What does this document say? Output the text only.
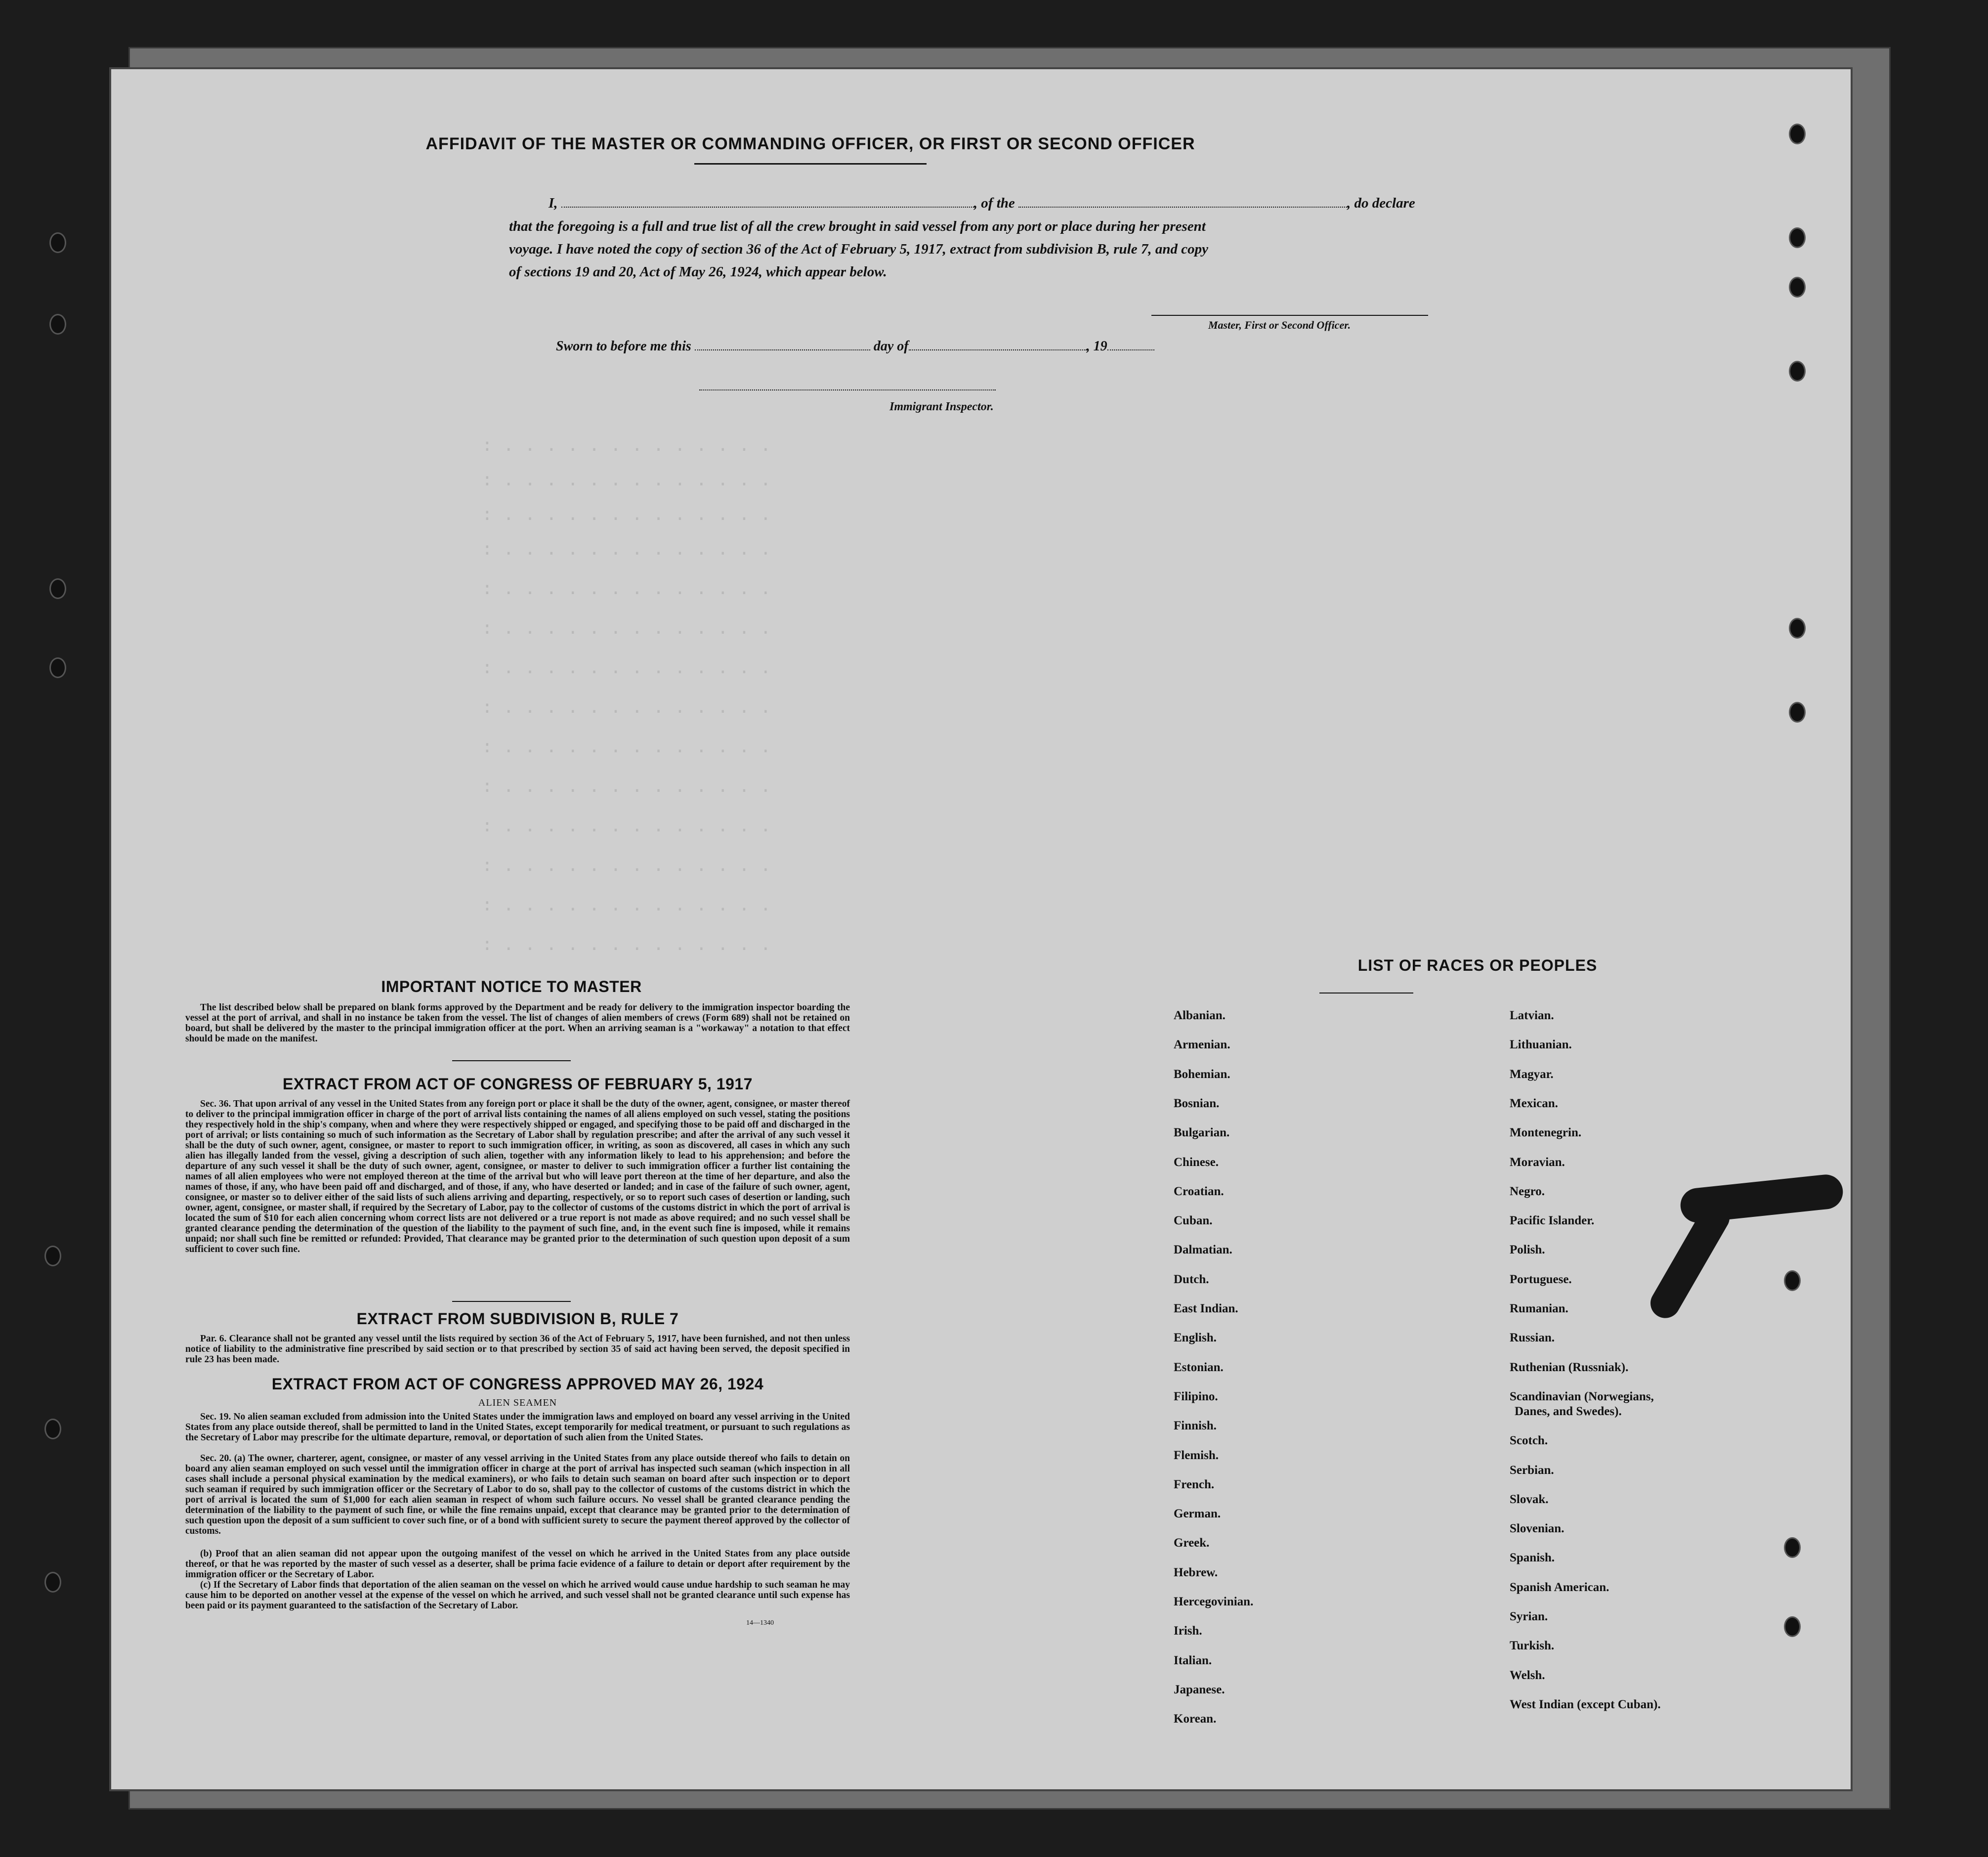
: . . . . . . . . . . . . .
: . . . . . . . . . . . . .
: . . . . . . . . . . . . .
: . . . . . . . . . . . . .
: . . . . . . . . . . . . .
: . . . . . . . . . . . . .
: . . . . . . . . . . . . .
: . . . . . . . . . . . . .
: . . . . . . . . . . . . .
: . . . . . . . . . . . . .
: . . . . . . . . . . . . .
: . . . . . . . . . . . . .
: . . . . . . . . . . . . .
: . . . . . . . . . . . . .
AFFIDAVIT OF THE MASTER OR COMMANDING OFFICER, OR FIRST OR SECOND OFFICER
I,	, of the	, do declare
that the foregoing is a full and true list of all the crew brought in said vessel from any port or place during her present
voyage. I have noted the copy of section 36 of the Act of February 5, 1917, extract from subdivision B, rule 7, and copy
of sections 19 and 20, Act of May 26, 1924, which appear below.
Master, First or Second Officer.
Sworn to before me this	day of	, 19
Immigrant Inspector.
IMPORTANT NOTICE TO MASTER
The list described below shall be prepared on blank forms approved by the Department and be ready for delivery to the immigration inspector boarding the vessel at the port of arrival, and shall in no instance be taken from the vessel. The list of changes of alien members of crews (Form 689) shall not be retained on board, but shall be delivered by the master to the principal immigration officer at the port. When an arriving seaman is a "workaway" a notation to that effect should be made on the manifest.
EXTRACT FROM ACT OF CONGRESS OF FEBRUARY 5, 1917
Sec. 36. That upon arrival of any vessel in the United States from any foreign port or place it shall be the duty of the owner, agent, consignee, or master thereof to deliver to the principal immigration officer in charge of the port of arrival lists containing the names of all aliens employed on such vessel, stating the positions they respectively hold in the ship's company, when and where they were respectively shipped or engaged, and specifying those to be paid off and discharged in the port of arrival; or lists containing so much of such information as the Secretary of Labor shall by regulation prescribe; and after the arrival of any such vessel it shall be the duty of such owner, agent, consignee, or master to report to such immigration officer, in writing, as soon as discovered, all cases in which any such alien has illegally landed from the vessel, giving a description of such alien, together with any information likely to lead to his apprehension; and before the departure of any such vessel it shall be the duty of such owner, agent, consignee, or master to deliver to such immigration officer a further list containing the names of all alien employees who were not employed thereon at the time of the arrival but who will leave port thereon at the time of her departure, and also the names of those, if any, who have been paid off and discharged, and of those, if any, who have deserted or landed; and in case of the failure of such owner, agent, consignee, or master so to deliver either of the said lists of such aliens arriving and departing, respectively, or so to report such cases of desertion or landing, such owner, agent, consignee, or master shall, if required by the Secretary of Labor, pay to the collector of customs of the customs district in which the port of arrival is located the sum of $10 for each alien concerning whom correct lists are not delivered or a true report is not made as above required; and no such vessel shall be granted clearance pending the determination of the question of the liability to the payment of such fine, and, in the event such fine is imposed, while it remains unpaid; nor shall such fine be remitted or refunded: Provided, That clearance may be granted prior to the determination of such question upon deposit of a sum sufficient to cover such fine.
EXTRACT FROM SUBDIVISION B, RULE 7
Par. 6. Clearance shall not be granted any vessel until the lists required by section 36 of the Act of February 5, 1917, have been furnished, and not then unless notice of liability to the administrative fine prescribed by said section or to that prescribed by section 35 of said act having been served, the deposit specified in rule 23 has been made.
EXTRACT FROM ACT OF CONGRESS APPROVED MAY 26, 1924
ALIEN SEAMEN
Sec. 19. No alien seaman excluded from admission into the United States under the immigration laws and employed on board any vessel arriving in the United States from any place outside thereof, shall be permitted to land in the United States, except temporarily for medical treatment, or pursuant to such regulations as the Secretary of Labor may prescribe for the ultimate departure, removal, or deportation of such alien from the United States.
Sec. 20. (a) The owner, charterer, agent, consignee, or master of any vessel arriving in the United States from any place outside thereof who fails to detain on board any alien seaman employed on such vessel until the immigration officer in charge at the port of arrival has inspected such seaman (which inspection in all cases shall include a personal physical examination by the medical examiners), or who fails to detain such seaman on board after such inspection or to deport such seaman if required by such immigration officer or the Secretary of Labor to do so, shall pay to the collector of customs of the customs district in which the port of arrival is located the sum of $1,000 for each alien seaman in respect of whom such failure occurs. No vessel shall be granted clearance pending the determination of the liability to the payment of such fine, or while the fine remains unpaid, except that clearance may be granted prior to the determination of such question upon the deposit of a sum sufficient to cover such fine, or of a bond with sufficient surety to secure the payment thereof approved by the collector of customs.
(b) Proof that an alien seaman did not appear upon the outgoing manifest of the vessel on which he arrived in the United States from any place outside thereof, or that he was reported by the master of such vessel as a deserter, shall be prima facie evidence of a failure to detain or deport after requirement by the immigration officer or the Secretary of Labor.
(c) If the Secretary of Labor finds that deportation of the alien seaman on the vessel on which he arrived would cause undue hardship to such seaman he may cause him to be deported on another vessel at the expense of the vessel on which he arrived, and such vessel shall not be granted clearance until such expense has been paid or its payment guaranteed to the satisfaction of the Secretary of Labor.
14—1340
LIST OF RACES OR PEOPLES
Albanian.
Armenian.
Bohemian.
Bosnian.
Bulgarian.
Chinese.
Croatian.
Cuban.
Dalmatian.
Dutch.
East Indian.
English.
Estonian.
Filipino.
Finnish.
Flemish.
French.
German.
Greek.
Hebrew.
Hercegovinian.
Irish.
Italian.
Japanese.
Korean.
Latvian.
Lithuanian.
Magyar.
Mexican.
Montenegrin.
Moravian.
Negro.
Pacific Islander.
Polish.
Portuguese.
Rumanian.
Russian.
Ruthenian (Russniak).
Scandinavian (Norwegians,
Danes, and Swedes).
Scotch.
Serbian.
Slovak.
Slovenian.
Spanish.
Spanish American.
Syrian.
Turkish.
Welsh.
West Indian (except Cuban).
